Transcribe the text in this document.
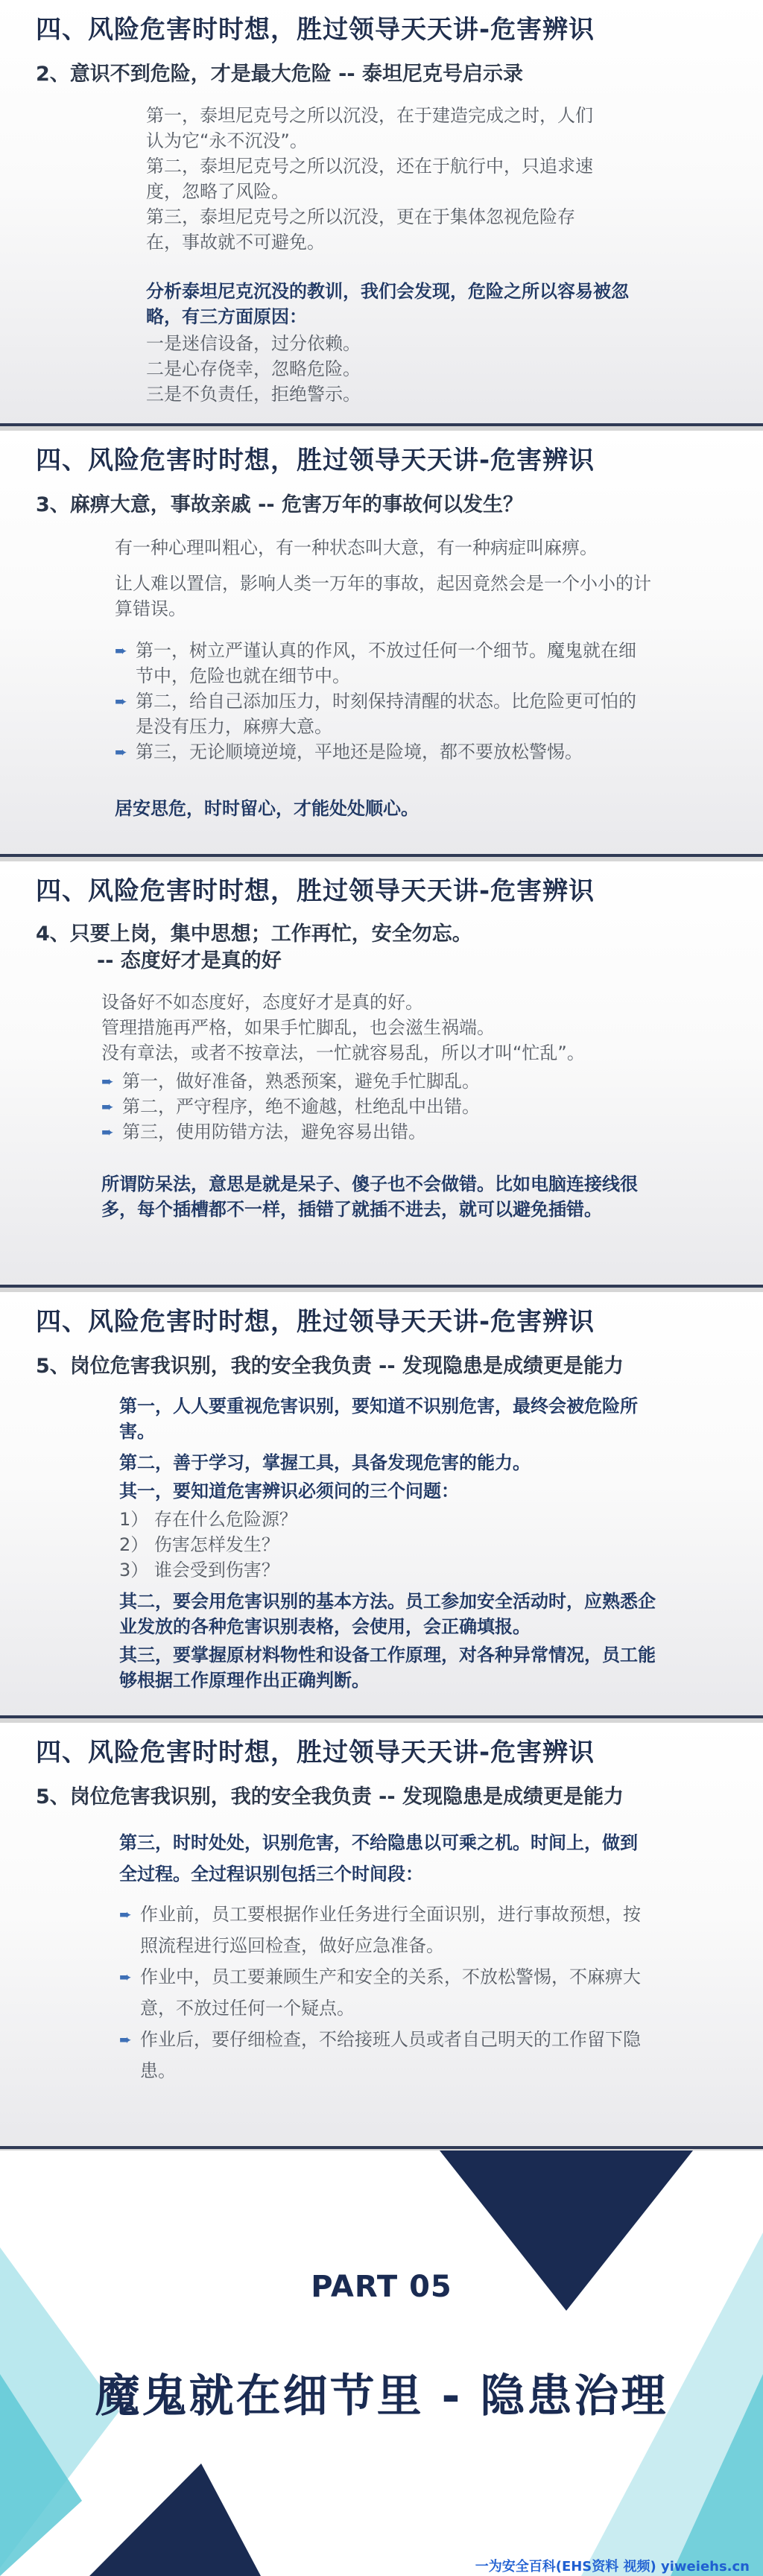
四、风险危害时时想，胜过领导天天讲-危害辨识
2、意识不到危险，才是最大危险 -- 泰坦尼克号启示录

第一，泰坦尼克号之所以沉没，在于建造完成之时，人们认为它“永不沉没”。

第二，泰坦尼克号之所以沉没，还在于航行中，只追求速度，忽略了风险。

第三，泰坦尼克号之所以沉没，更在于集体忽视危险存在，事故就不可避免。

分析泰坦尼克沉没的教训，我们会发现，危险之所以容易被忽略，有三方面原因：

一是迷信设备，过分依赖。

二是心存侥幸，忽略危险。

三是不负责任，拒绝警示。

四、风险危害时时想，胜过领导天天讲-危害辨识
3、麻痹大意，事故亲戚 -- 危害万年的事故何以发生？

有一种心理叫粗心，有一种状态叫大意，有一种病症叫麻痹。

让人难以置信，影响人类一万年的事故，起因竟然会是一个小小的计算错误。

➨ 第一，树立严谨认真的作风，不放过任何一个细节。魔鬼就在细节中，危险也就在细节中。
➨ 第二，给自己添加压力，时刻保持清醒的状态。比危险更可怕的是没有压力，麻痹大意。
➨ 第三，无论顺境逆境，平地还是险境，都不要放松警惕。
居安思危，时时留心，才能处处顺心。
四、风险危害时时想，胜过领导天天讲-危害辨识
4、只要上岗，集中思想；工作再忙，安全勿忘。
-- 态度好才是真的好

设备好不如态度好，态度好才是真的好。

管理措施再严格，如果手忙脚乱，也会滋生祸端。

没有章法，或者不按章法，一忙就容易乱，所以才叫“忙乱”。

➨ 第一，做好准备，熟悉预案，避免手忙脚乱。
➨ 第二，严守程序，绝不逾越，杜绝乱中出错。
➨ 第三，使用防错方法，避免容易出错。
所谓防呆法，意思是就是呆子、傻子也不会做错。比如电脑连接线很多，每个插槽都不一样，插错了就插不进去，就可以避免插错。
四、风险危害时时想，胜过领导天天讲-危害辨识
5、岗位危害我识别，我的安全我负责 -- 发现隐患是成绩更是能力
第一，人人要重视危害识别，要知道不识别危害，最终会被危险所害。
第二，善于学习，掌握工具，具备发现危害的能力。
其一，要知道危害辨识必须问的三个问题：

1） 存在什么危险源？

2） 伤害怎样发生？

3） 谁会受到伤害？

其二，要会用危害识别的基本方法。员工参加安全活动时，应熟悉企业发放的各种危害识别表格，会使用，会正确填报。
其三，要掌握原材料物性和设备工作原理，对各种异常情况，员工能够根据工作原理作出正确判断。
四、风险危害时时想，胜过领导天天讲-危害辨识
5、岗位危害我识别，我的安全我负责 -- 发现隐患是成绩更是能力
第三，时时处处，识别危害，不给隐患以可乘之机。时间上，做到全过程。全过程识别包括三个时间段：
➨ 作业前，员工要根据作业任务进行全面识别，进行事故预想，按照流程进行巡回检查，做好应急准备。
➨ 作业中，员工要兼顾生产和安全的关系，不放松警惕，不麻痹大意，不放过任何一个疑点。
➨ 作业后，要仔细检查，不给接班人员或者自己明天的工作留下隐患。
PART 05
魔鬼就在细节里 - 隐患治理
一为安全百科(EHS资料 视频) yiweiehs.cn
